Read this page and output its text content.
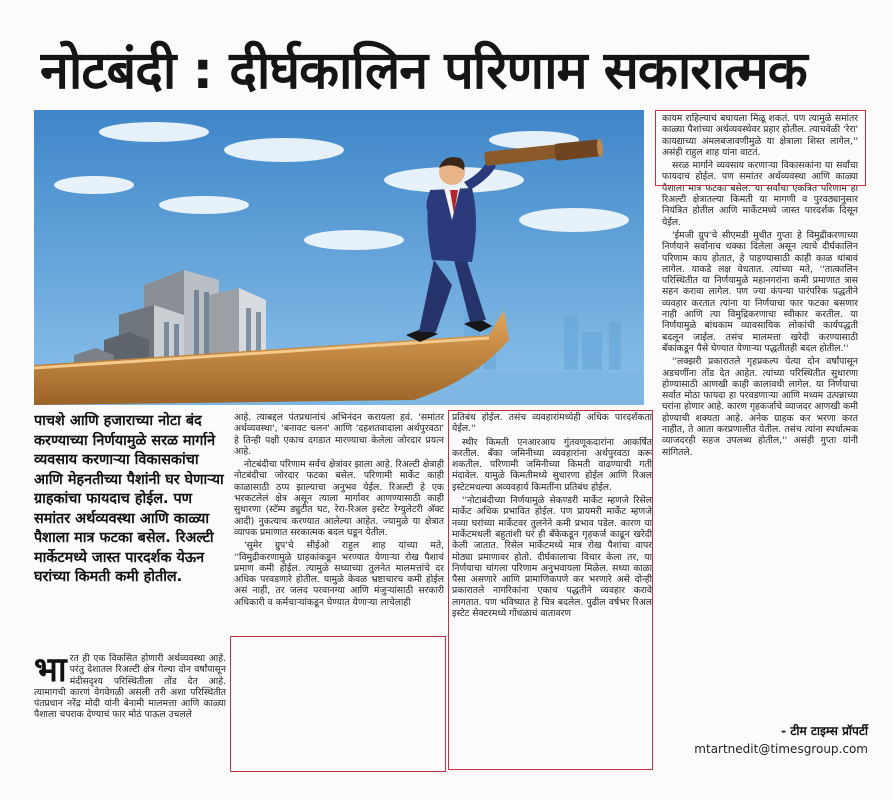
नोटबंदी : दीर्घकालिन परिणाम सकारात्मक
पाचशे आणि हजाराच्या नोटा बंद करण्याच्या निर्णयामुळे सरळ मार्गाने व्यवसाय करणाऱ्या विकासकांचा आणि मेहनतीच्या पैशांनी घर घेणाऱ्या ग्राहकांचा फायदाच होईल. पण समांतर अर्थव्यवस्था आणि काळ्या पैशाला मात्र फटका बसेल. रिअल्टी मार्केटमध्ये जास्त पारदर्शक येऊन घरांच्या किमती कमी होतील.

भारत ही एक विकसित होणारी अर्थव्यवस्था आहे. परंतु देशातल रिअल्टी क्षेत्र गेल्या दोन वर्षांपासून मंदीसदृश्य परिस्थितीला तोंड देत आहे. त्यामागची कारणं वेगवेगळी असली तरी अशा परिस्थितीत पंतप्रधान नरेंद्र मोदी यांनी बेनामी मालमत्ता आणि काळ्या पैशाला चपराक देण्याचं फार मोठं पाऊल उचलले

आहे. त्याबद्दल पंतप्रधानांचं अभिनंदन करायला हवं. 'समांतर अर्थव्यवस्था', 'बनावट चलन' आणि 'दहशतवादाला अर्थपुरवठा' हे तिन्ही पक्षी एकाच दगडात मारण्याचा केलेला जोरदार प्रयत्न आहे.

नोटबंदीचा परिणाम सर्वच क्षेत्रांवर झाला आहे. रिअल्टी क्षेत्राही नोटबंदीचा जोरदार फटका बसेल. परिणामी मार्केट काही काळासाठी ठप्प झाल्याचा अनुभव येईल. रिअल्टी हे एक भरकटलेलं क्षेत्र असून त्याला मार्गावर आणण्यासाठी काही सुधारणा (स्टॅम्प ड्युटीत घट, रेरा-रिअल इस्टेट रेग्युलेटरी अ‍ॅक्ट आदी) नुकत्याच करण्यात आलेल्या आहेत. ज्यामुळे या क्षेत्रात व्यापक प्रमाणात सरकात्मक बदल घडून येतील.

'सुमेर ग्रुप'चे सीईओ राहुल शाह यांच्या मते, ''विमुद्रीकरणामुळे ग्राहकांकडून भरण्यात येणाऱ्या रोख पैशाचं प्रमाण कमी होईल. त्यामुळे सध्याच्या तुलनेत मालमत्तांचे दर अधिक परवडणारे होतील. यामुळे केवळ भ्रष्टाचारच कमी होईल असं नाही, तर जलद परवानग्या आणि मंजुऱ्यांसाठी सरकारी अधिकारी व कर्मचाऱ्यांकडून घेण्यात येणाऱ्या लाचेलाही

प्रतिबंध होईल. तसंच व्यवहारांमध्येही अधिक पारदर्शकता येईल.''

स्थीर किमती एनआरआय गुंतवणूकदारांना आकर्षित करतील. बँका जमिनीच्या व्यवहारांना अर्थपुरवठा करू शकतील. परिणामी जमिनीच्या किमती वाढण्याची गती मंदावेल. यामुळे किमतीमध्ये सुधारणा होईल आणि रिअल इस्टेटमधल्या अव्यवहार्य किमतींना प्रतिबंध होईल.

''नोटाबंदीच्या निर्णयामुळे सेकण्डरी मार्केट म्हणजे रिसेल मार्केट अधिक प्रभावित होईल. पण प्रायमरी मार्केट म्हणजे नव्या घरांच्या मार्केटवर तुलनेने कमी प्रभाव पडेल. कारण या मार्केटमधली बहुतांशी घरं ही बँकेकडून गृहकर्ज काढून खरेदी केली जातात. रिसेल मार्केटमध्ये मात्र रोख पैशांचा वापर मोठ्या प्रमाणावर होतो. दीर्घकालाचा विचार केला तर, या निर्णयाचा चांगला परिणाम अनुभवायला मिळेल. सध्या काळा पैसा असणारे आणि प्रामाणिकपणे कर भरणारे असे दोन्ही प्रकारातले नागरिकांना एकाच पद्धतीने व्यवहार करावे लागतात. पण भविष्यात हे चित्र बदलेल. पुढील वर्षभर रिअल इस्टेट सेक्टरमध्ये गोंधळाचं वातावरण

कायम राहिल्याचं बघायला मिळू शकतं. पण त्यामुळे समांतर काळ्या पैशांच्या अर्थव्यवस्थेवर प्रहार होतील. त्याचवेळी 'रेरा' कायद्याच्या अंमलबजावणीमुळे या क्षेत्राला शिस्त लागेल,'' असंही राहुल शाह यांना वाटतं.

सरळ मार्गाने व्यवसाय करणाऱ्या विकासकांना या सर्वांचा फायदाच होईल. पण समांतर अर्थव्यवस्था आणि काळ्या पैशाला मात्र फटका बसेल. या सर्वांचा एकत्रित परिणाम हा रिअल्टी क्षेत्रातल्या किमती या मागणी व पुरवठ्यानुसार नियंत्रित होतील आणि मार्केटमध्ये जास्त पारदर्शक दिसून येईल.

'ईमजी ग्रुप'चे सीएमडी मुधीत गुप्ता हे विमुद्रीकरणाच्या निर्णयाने सर्वांनाच धक्का दिलेला असून त्याचे दीर्घकालिन परिणाम काय होतात, हे पाहण्यासाठी काही काळ थांबावं लागेल. याकडे लक्ष वेधतात. त्यांच्या मते, ''तात्कालिन परिस्थितीत या निर्णयामुळे महानगरांना कमी प्रमाणात त्रास सहन करावा लागेल. पण ज्या कंपन्या पारंपरिक पद्धतीने व्यवहार करतात त्यांना या निर्णयाचा फार फटका बसणार नाही आणि त्या विमुद्रिकरणाचा स्वीकार करतील. या निर्णयामुळे बांधकाम व्यावसायिक लोकांची कार्यपद्धती बदलून जाईल. तसंच मालमत्ता खरेदी करण्यासाठी बँकांकडून पैसे घेण्यात येणाऱ्या पद्धतीतही बदल होतील.''

''लक्झरी प्रकारातले गृहप्रकल्प येत्या दोन वर्षांपासून अडचणींना तोंड देत आहेत. त्यांच्या परिस्थितीत सुधारणा होण्यासाठी आणखी काही कालावधी लागेल. या निर्णयाचा सर्वात मोठा फायदा हा परवडणाऱ्या आणि मध्यम उत्पन्नाच्या घरांना होणार आहे. कारण गृहकर्जाचे व्याजदर आणखी कमी होण्याची शक्यता आहे. अनेक ग्राहक कर भरणा करत नाहीत, ते आता करप्रणालीत येतील. तसंच त्यांना स्पर्धात्मक व्याजदरही सहज उपलब्ध होतील,'' असंही गुप्ता यांनी सांगितले.

- टीम टाइम्स प्रॉपर्टी
mtartnedit@timesgroup.com
